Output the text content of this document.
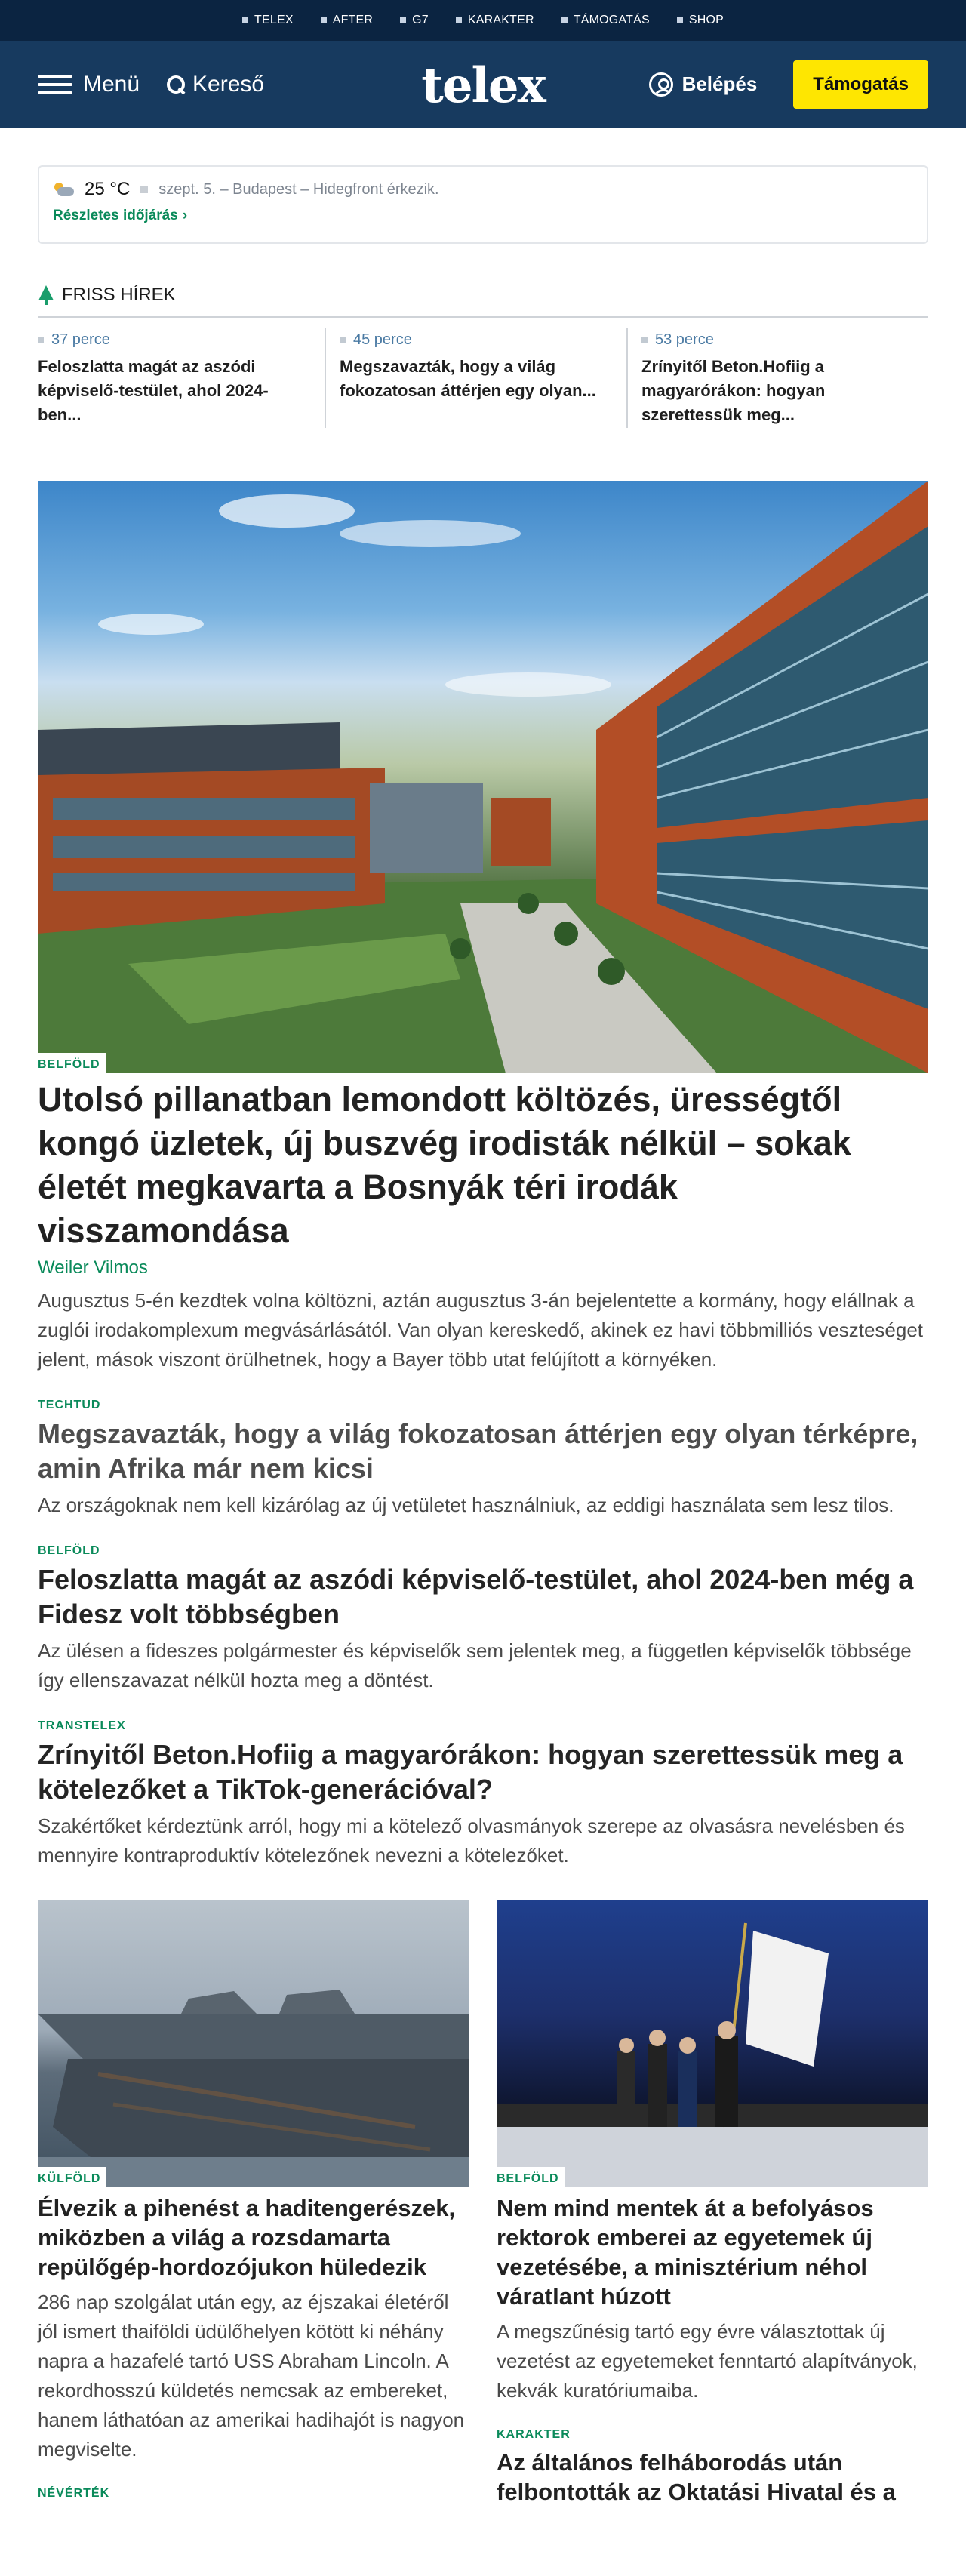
TELEX	AFTER	G7	KARAKTER	TÁMOGATÁS	SHOP
Menü Kereső	telex	Belépés	Támogatás
25 °C szept. 5. – Budapest – Hidegfront érkezik.
Részletes időjárás ›
FRISS HÍREK
37 perce
Feloszlatta magát az aszódi képviselő-testület, ahol 2024-ben...
45 perce
Megszavazták, hogy a világ fokozatosan áttérjen egy olyan...
53 perce
Zrínyitől Beton.Hofiig a magyarórákon: hogyan szerettessük meg...
BELFÖLD
Utolsó pillanatban lemondott költözés, ürességtől kongó üzletek, új buszvég irodisták nélkül – sokak életét megkavarta a Bosnyák téri irodák visszamondása
Weiler Vilmos

Augusztus 5-én kezdtek volna költözni, aztán augusztus 3-án bejelentette a kormány, hogy elállnak a zuglói irodakomplexum megvásárlásától. Van olyan kereskedő, akinek ez havi többmilliós veszteséget jelent, mások viszont örülhetnek, hogy a Bayer több utat felújított a környéken.

TECHTUD
Megszavazták, hogy a világ fokozatosan áttérjen egy olyan térképre, amin Afrika már nem kicsi

Az országoknak nem kell kizárólag az új vetületet használniuk, az eddigi használata sem lesz tilos.

BELFÖLD
Feloszlatta magát az aszódi képviselő-testület, ahol 2024-ben még a Fidesz volt többségben

Az ülésen a fideszes polgármester és képviselők sem jelentek meg, a független képviselők többsége így ellenszavazat nélkül hozta meg a döntést.

TRANSTELEX
Zrínyitől Beton.Hofiig a magyarórákon: hogyan szerettessük meg a kötelezőket a TikTok-generációval?

Szakértőket kérdeztünk arról, hogy mi a kötelező olvasmányok szerepe az olvasásra nevelésben és mennyire kontraproduktív kötelezőnek nevezni a kötelezőket.

KÜLFÖLD
Élvezik a pihenést a haditengerészek, miközben a világ a rozsdamarta repülőgép-hordozójukon hüledezik

286 nap szolgálat után egy, az éjszakai életéről jól ismert thaiföldi üdülőhelyen kötött ki néhány napra a hazafelé tartó USS Abraham Lincoln. A rekordhosszú küldetés nemcsak az embereket, hanem láthatóan az amerikai hadihajót is nagyon megviselte.

NÉVÉRTÉK
BELFÖLD
Nem mind mentek át a befolyásos rektorok emberei az egyetemek új vezetésébe, a minisztérium néhol váratlant húzott

A megszűnésig tartó egy évre választottak új vezetést az egyetemeket fenntartó alapítványok, kekvák kuratóriumaiba.

KARAKTER
Az általános felháborodás után felbontották az Oktatási Hivatal és a
